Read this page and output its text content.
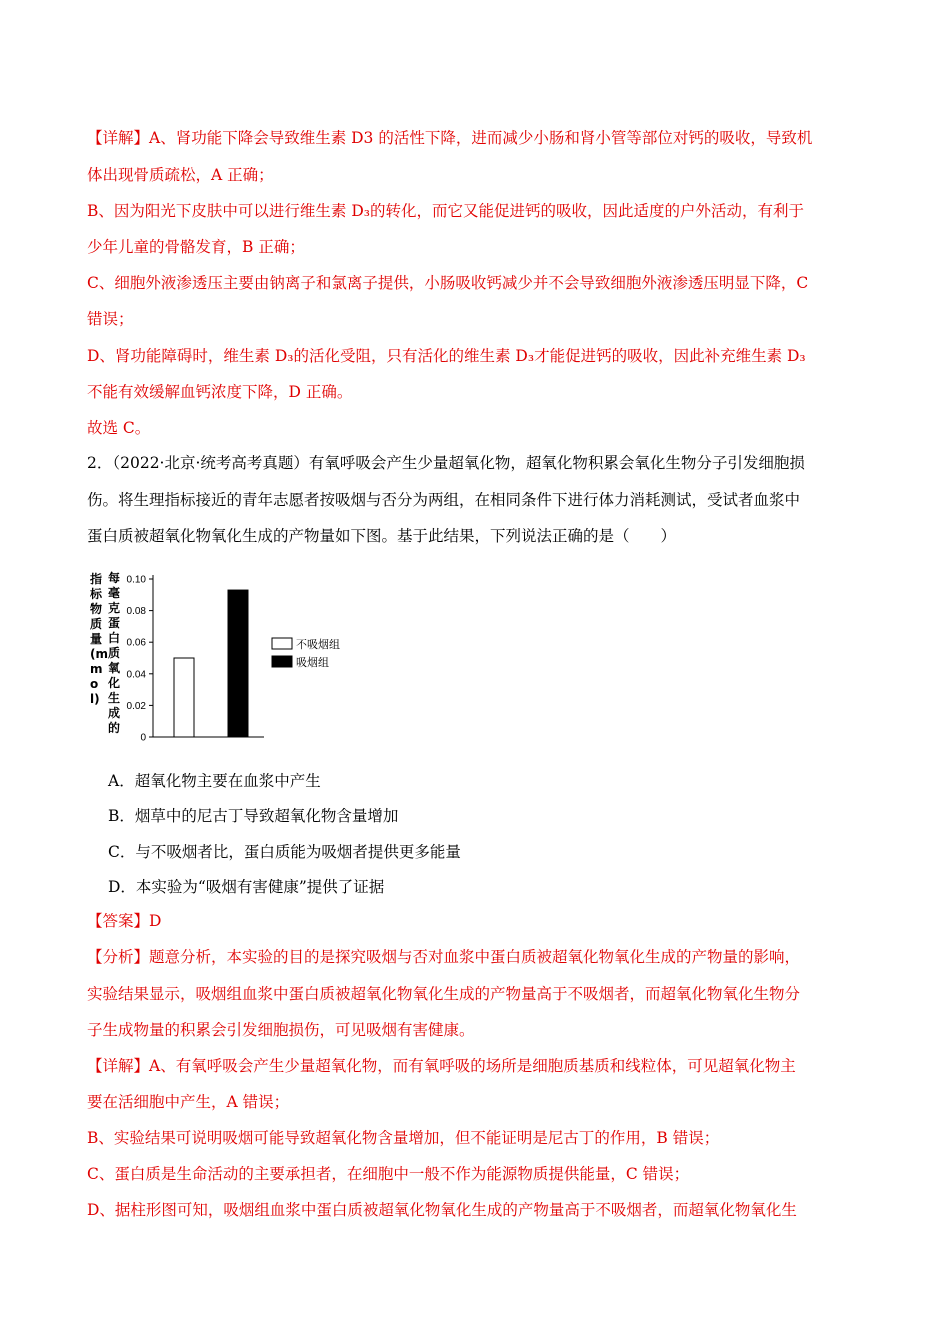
【详解】A、肾功能下降会导致维生素 D3 的活性下降，进而减少小肠和肾小管等部位对钙的吸收，导致机
体出现骨质疏松，A 正确；
B、因为阳光下皮肤中可以进行维生素 D₃的转化，而它又能促进钙的吸收，因此适度的户外活动，有利于
少年儿童的骨骼发育，B 正确；
C、细胞外液渗透压主要由钠离子和氯离子提供，小肠吸收钙减少并不会导致细胞外液渗透压明显下降，C
错误；
D、肾功能障碍时，维生素 D₃的活化受阻，只有活化的维生素 D₃才能促进钙的吸收，因此补充维生素 D₃
不能有效缓解血钙浓度下降，D 正确。
故选 C。
2．（2022·北京·统考高考真题）有氧呼吸会产生少量超氧化物，超氧化物积累会氧化生物分子引发细胞损
伤。将生理指标接近的青年志愿者按吸烟与否分为两组，在相同条件下进行体力消耗测试，受试者血浆中
蛋白质被超氧化物氧化生成的产物量如下图。基于此结果，下列说法正确的是（　　）
指标物质量(mmol)
每毫克蛋白质氧化生成的
0
0.02
0.04
0.06
0.08
0.10
不吸烟组
吸烟组
A．超氧化物主要在血浆中产生
B．烟草中的尼古丁导致超氧化物含量增加
C．与不吸烟者比，蛋白质能为吸烟者提供更多能量
D．本实验为“吸烟有害健康”提供了证据
【答案】D
【分析】题意分析，本实验的目的是探究吸烟与否对血浆中蛋白质被超氧化物氧化生成的产物量的影响，
实验结果显示，吸烟组血浆中蛋白质被超氧化物氧化生成的产物量高于不吸烟者，而超氧化物氧化生物分
子生成物量的积累会引发细胞损伤，可见吸烟有害健康。
【详解】A、有氧呼吸会产生少量超氧化物，而有氧呼吸的场所是细胞质基质和线粒体，可见超氧化物主
要在活细胞中产生，A 错误；
B、实验结果可说明吸烟可能导致超氧化物含量增加，但不能证明是尼古丁的作用，B 错误；
C、蛋白质是生命活动的主要承担者，在细胞中一般不作为能源物质提供能量，C 错误；
D、据柱形图可知，吸烟组血浆中蛋白质被超氧化物氧化生成的产物量高于不吸烟者，而超氧化物氧化生
